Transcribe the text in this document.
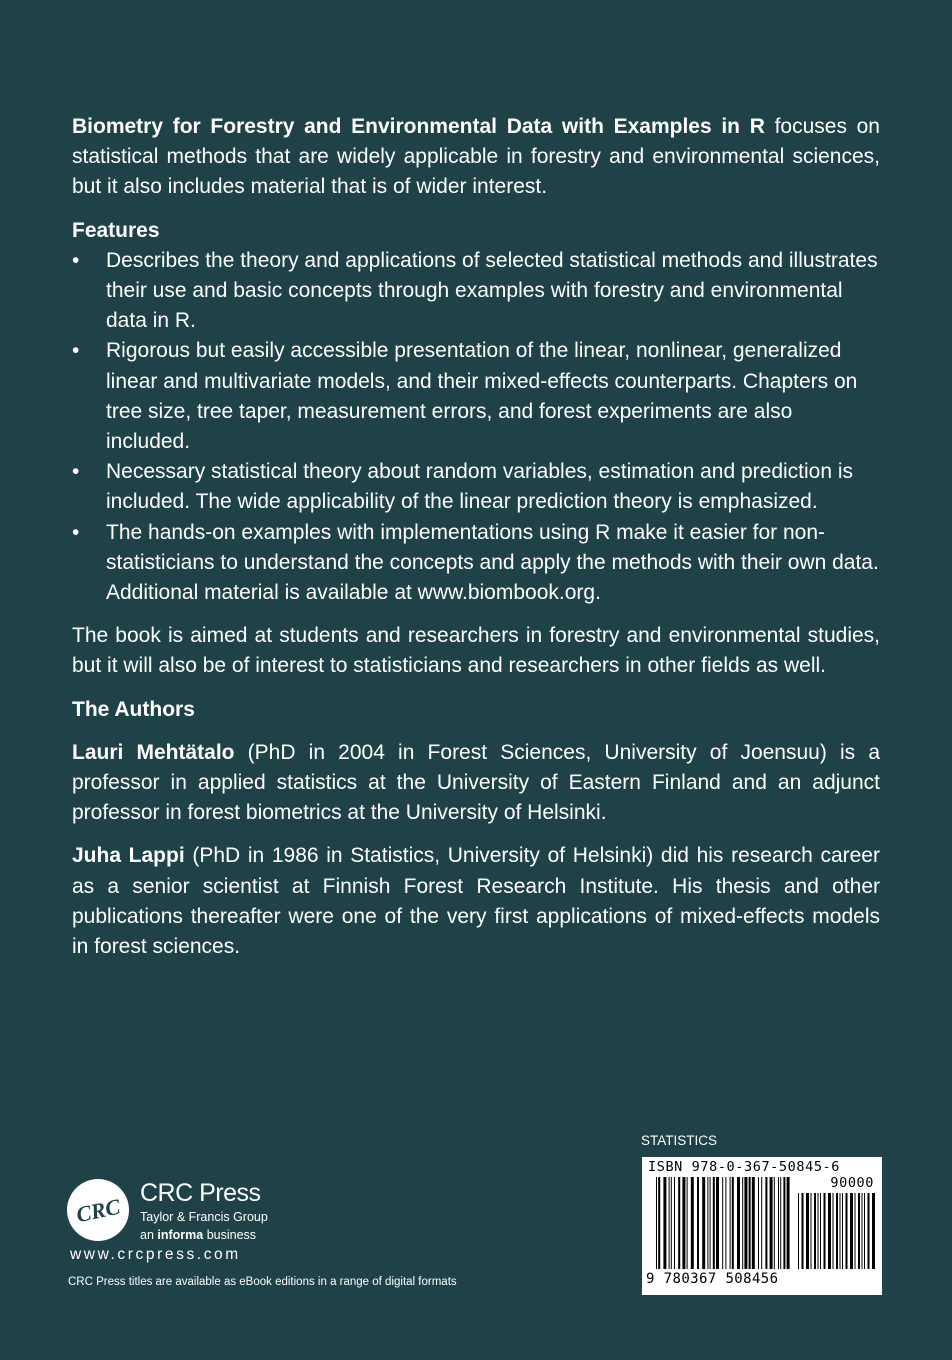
Biometry for Forestry and Environmental Data with Examples in R focuses on statistical methods that are widely applicable in forestry and environmental sciences, but it also includes material that is of wider interest.

Features

• Describes the theory and applications of selected statistical methods and illustrates their use and basic concepts through examples with forestry and environmental data in R.
• Rigorous but easily accessible presentation of the linear, nonlinear, generalized linear and multivariate models, and their mixed-effects counterparts. Chapters on tree size, tree taper, measurement errors, and forest experiments are also included.
• Necessary statistical theory about random variables, estimation and prediction is included. The wide applicability of the linear prediction theory is emphasized.
• The hands-on examples with implementations using R make it easier for non-statisticians to understand the concepts and apply the methods with their own data. Additional material is available at www.biombook.org.

The book is aimed at students and researchers in forestry and environmental studies, but it will also be of interest to statisticians and researchers in other fields as well.

The Authors

Lauri Mehtätalo (PhD in 2004 in Forest Sciences, University of Joensuu) is a professor in applied statistics at the University of Eastern Finland and an adjunct professor in forest biometrics at the University of Helsinki.

Juha Lappi (PhD in 1986 in Statistics, University of Helsinki) did his research career as a senior scientist at Finnish Forest Research Institute. His thesis and other publications thereafter were one of the very first applications of mixed-effects models in forest sciences.

CRC
CRC Press
Taylor & Francis Group
an informa business
www.crcpress.com
CRC Press titles are available as eBook editions in a range of digital formats
STATISTICS
ISBN 978-0-367-50845-6
90000
9 780367 508456
